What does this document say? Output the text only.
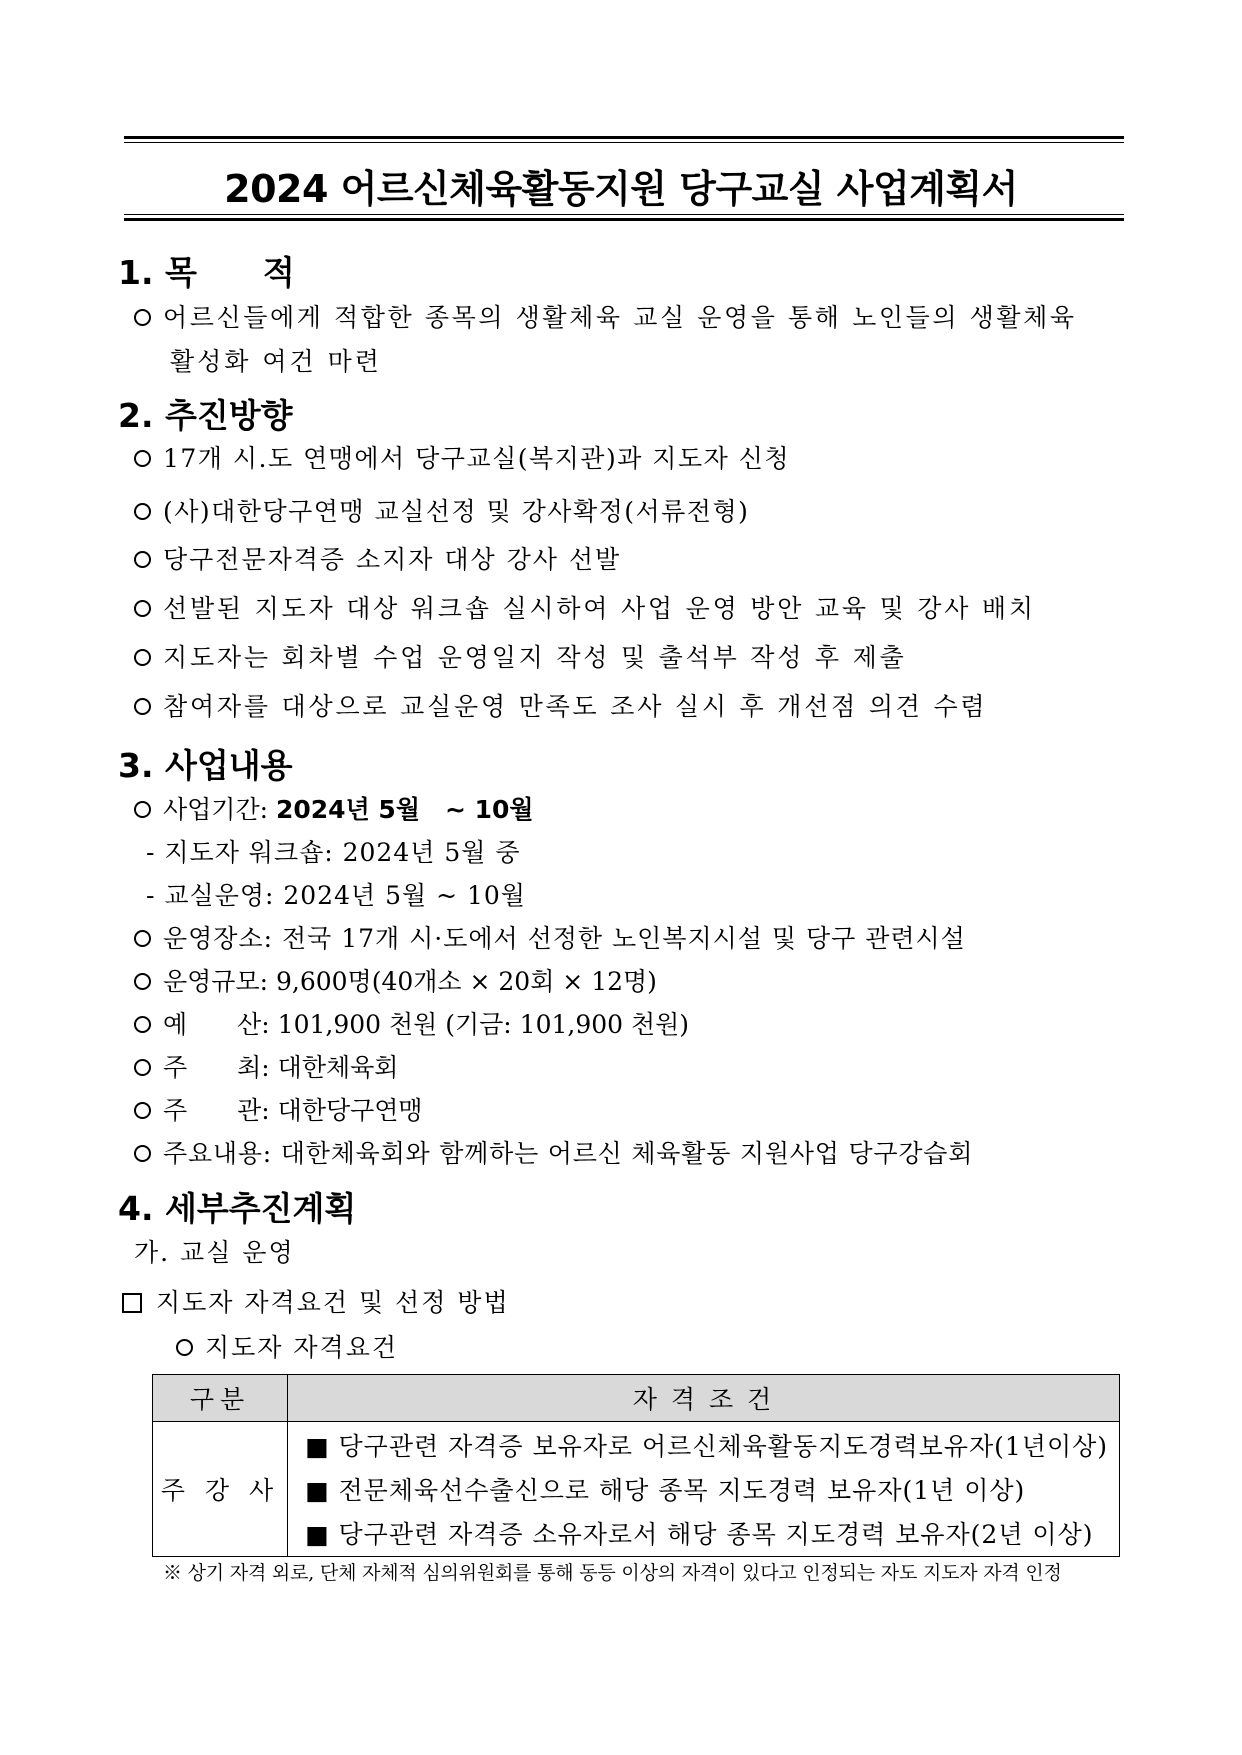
2024 어르신체육활동지원 당구교실 사업계획서
1. 목　　적
어르신들에게 적합한 종목의 생활체육 교실 운영을 통해 노인들의 생활체육
활성화 여건 마련
2. 추진방향
17개 시.도 연맹에서 당구교실(복지관)과 지도자 신청
(사)대한당구연맹 교실선정 및 강사확정(서류전형)
당구전문자격증 소지자 대상 강사 선발
선발된 지도자 대상 워크숍 실시하여 사업 운영 방안 교육 및 강사 배치
지도자는 회차별 수업 운영일지 작성 및 출석부 작성 후 제출
참여자를 대상으로 교실운영 만족도 조사 실시 후 개선점 의견 수렴
3. 사업내용
사업기간: 2024년 5월　~ 10월
- 지도자 워크숍: 2024년 5월 중
- 교실운영: 2024년 5월 ~ 10월
운영장소: 전국 17개 시·도에서 선정한 노인복지시설 및 당구 관련시설
운영규모: 9,600명(40개소 × 20회 × 12명)
예　　산: 101,900 천원 (기금: 101,900 천원)
주　　최: 대한체육회
주　　관: 대한당구연맹
주요내용: 대한체육회와 함께하는 어르신 체육활동 지원사업 당구강습회
4. 세부추진계획
가. 교실 운영
지도자 자격요건 및 선정 방법
지도자 자격요건
구분	자 격 조 건
주 강 사	■ 당구관련 자격증 보유자로 어르신체육활동지도경력보유자(1년이상)
■ 전문체육선수출신으로 해당 종목 지도경력 보유자(1년 이상)
■ 당구관련 자격증 소유자로서 해당 종목 지도경력 보유자(2년 이상)
※ 상기 자격 외로, 단체 자체적 심의위원회를 통해 동등 이상의 자격이 있다고 인정되는 자도 지도자 자격 인정
